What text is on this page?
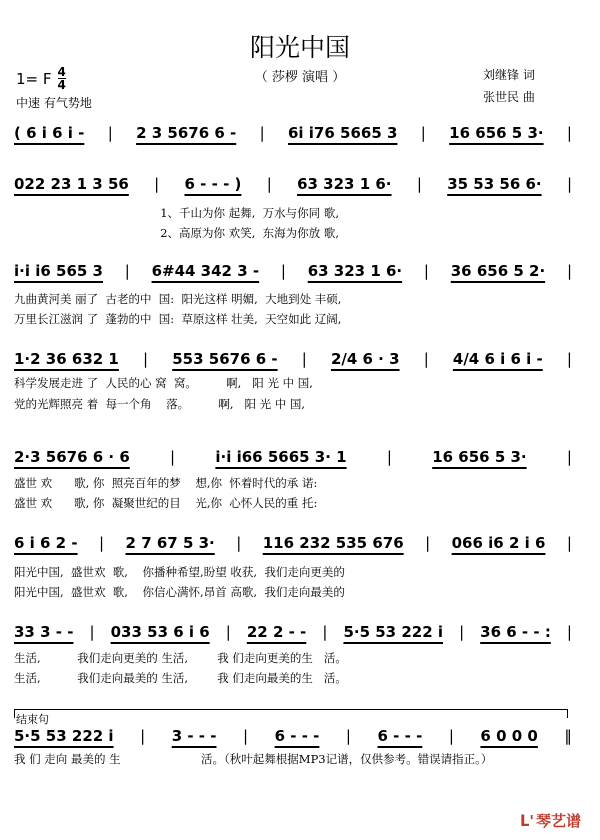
阳光中国
（ 莎椤 演唱 ）
1= F $\frac{4}{4}$
中速 有气势地
刘继锋 词
张世民 曲
( 6 i 6 i - | 2 3 5676 6 - | 6i i76 5665 3 | 16 656 5 3· |
022 23 1 3 56 | 6 - - - ) | 63 323 1 6· | 35 53 56 6· |
1、千山为你 起舞,  万水与你同 歌,
2、高原为你 欢笑,  东海为你放 歌,
i·i i6 565 3 | 6#44 342 3 - | 63 323 1 6· | 36 656 5 2· |
九曲黄河美 丽了  古老的中  国:  阳光这样 明媚,  大地到处 丰硕,
万里长江滋润 了  蓬勃的中  国:  草原这样 壮美,  天空如此 辽阔,
1·2 36 632 1 | 553 5676 6 - | 2/4 6 · 3 | 4/4 6 i 6 i - |
科学发展走进 了  人民的心 窝  窝。        啊,   阳 光 中 国,
党的光辉照亮 着  每一个角    落。        啊,   阳 光 中 国,
2·3 5676 6 · 6	|	i·i i66 5665 3· 1	|	16 656 5 3·	|
盛世 欢      歌, 你  照亮百年的梦    想,你  怀着时代的承 诺:
盛世 欢      歌, 你  凝聚世纪的目    光,你  心怀人民的重 托:
6 i 6 2 - | 2 7 67 5 3· | 116 232 535 676 | 066 i6 2 i 6 |
阳光中国,  盛世欢  歌,    你播种希望,盼望 收获,  我们走向更美的
阳光中国,  盛世欢  歌,    你信心满怀,昂首 高歌,  我们走向最美的
33 3 - - | 033 53 6 i 6 | 22 2 - - | 5·5 53 222 i | 36 6 - - : |
生活,          我们走向更美的 生活,        我 们走向更美的生   活。
生活,          我们走向最美的 生活,        我 们走向最美的生   活。
5·5 53 222 i | 3 - - - | 6 - - - | 6 - - - | 6 0 0 0 ‖
我 们 走向 最美的 生                      活。（秋叶起舞根据MP3记谱，仅供参考。错误请指正。）
结束句
ᒪ' 琴艺谱
